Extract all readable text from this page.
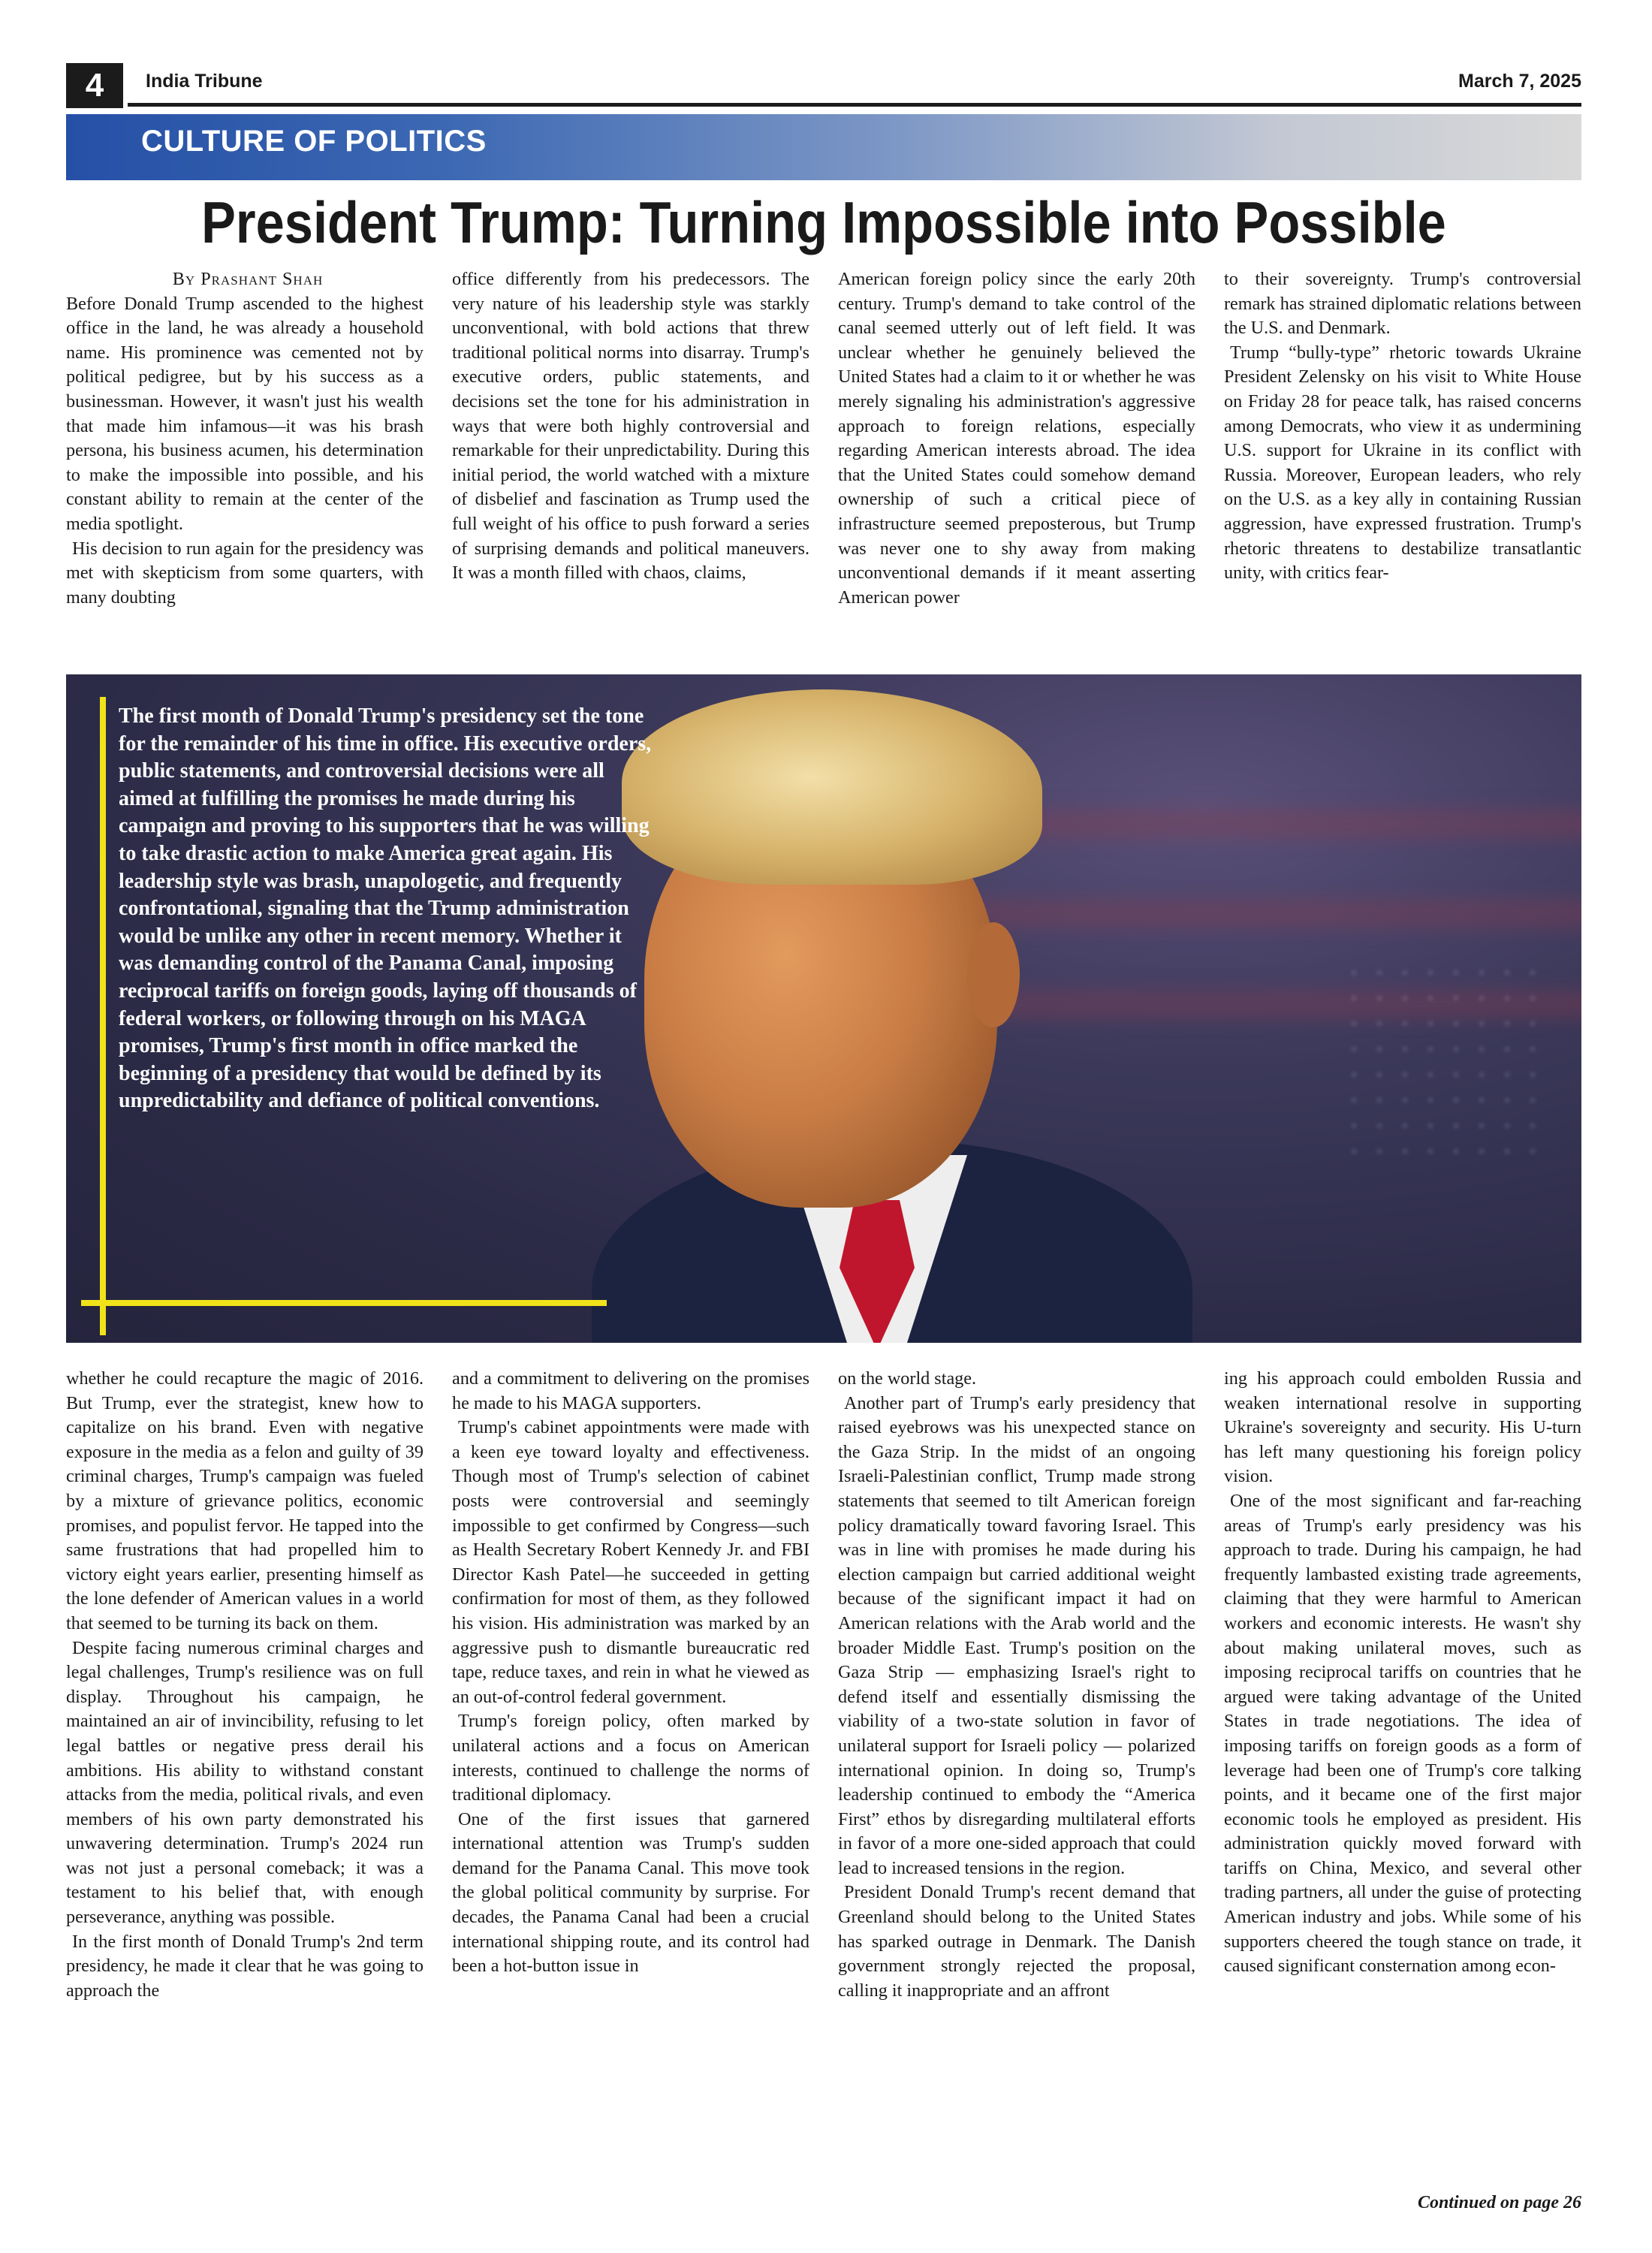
4	India Tribune	March 7, 2025
CULTURE OF POLITICS
President Trump: Turning Impossible into Possible

By Prashant Shah

Before Donald Trump ascended to the highest office in the land, he was already a household name. His prominence was cemented not by political pedigree, but by his success as a businessman. However, it wasn't just his wealth that made him infamous—it was his brash persona, his business acumen, his determination to make the impossible into possible, and his constant ability to remain at the center of the media spotlight.

His decision to run again for the presidency was met with skepticism from some quarters, with many doubting

office differently from his predecessors. The very nature of his leadership style was starkly unconventional, with bold actions that threw traditional political norms into disarray. Trump's executive orders, public statements, and decisions set the tone for his administration in ways that were both highly controversial and remarkable for their unpredictability. During this initial period, the world watched with a mixture of disbelief and fascination as Trump used the full weight of his office to push forward a series of surprising demands and political maneuvers. It was a month filled with chaos, claims,

American foreign policy since the early 20th century. Trump's demand to take control of the canal seemed utterly out of left field. It was unclear whether he genuinely believed the United States had a claim to it or whether he was merely signaling his administration's aggressive approach to foreign relations, especially regarding American interests abroad. The idea that the United States could somehow demand ownership of such a critical piece of infrastructure seemed preposterous, but Trump was never one to shy away from making unconventional demands if it meant asserting American power

to their sovereignty. Trump's controversial remark has strained diplomatic relations between the U.S. and Denmark.

Trump “bully-type” rhetoric towards Ukraine President Zelensky on his visit to White House on Friday 28 for peace talk, has raised concerns among Democrats, who view it as undermining U.S. support for Ukraine in its conflict with Russia. Moreover, European leaders, who rely on the U.S. as a key ally in containing Russian aggression, have expressed frustration. Trump's rhetoric threatens to destabilize transatlantic unity, with critics fear-

The first month of Donald Trump's presidency set the tone for the remainder of his time in office. His executive orders, public statements, and controversial decisions were all aimed at fulfilling the promises he made during his campaign and proving to his supporters that he was willing to take drastic action to make America great again. His leadership style was brash, unapologetic, and frequently confrontational, signaling that the Trump administration would be unlike any other in recent memory. Whether it was demanding control of the Panama Canal, imposing reciprocal tariffs on foreign goods, laying off thousands of federal workers, or following through on his MAGA promises, Trump's first month in office marked the beginning of a presidency that would be defined by its unpredictability and defiance of political conventions.

whether he could recapture the magic of 2016. But Trump, ever the strategist, knew how to capitalize on his brand. Even with negative exposure in the media as a felon and guilty of 39 criminal charges, Trump's campaign was fueled by a mixture of grievance politics, economic promises, and populist fervor. He tapped into the same frustrations that had propelled him to victory eight years earlier, presenting himself as the lone defender of American values in a world that seemed to be turning its back on them.

Despite facing numerous criminal charges and legal challenges, Trump's resilience was on full display. Throughout his campaign, he maintained an air of invincibility, refusing to let legal battles or negative press derail his ambitions. His ability to withstand constant attacks from the media, political rivals, and even members of his own party demonstrated his unwavering determination. Trump's 2024 run was not just a personal comeback; it was a testament to his belief that, with enough perseverance, anything was possible.

In the first month of Donald Trump's 2nd term presidency, he made it clear that he was going to approach the

and a commitment to delivering on the promises he made to his MAGA supporters.

Trump's cabinet appointments were made with a keen eye toward loyalty and effectiveness. Though most of Trump's selection of cabinet posts were controversial and seemingly impossible to get confirmed by Congress—such as Health Secretary Robert Kennedy Jr. and FBI Director Kash Patel—he succeeded in getting confirmation for most of them, as they followed his vision. His administration was marked by an aggressive push to dismantle bureaucratic red tape, reduce taxes, and rein in what he viewed as an out-of-control federal government.

Trump's foreign policy, often marked by unilateral actions and a focus on American interests, continued to challenge the norms of traditional diplomacy.

One of the first issues that garnered international attention was Trump's sudden demand for the Panama Canal. This move took the global political community by surprise. For decades, the Panama Canal had been a crucial international shipping route, and its control had been a hot-button issue in

on the world stage.

Another part of Trump's early presidency that raised eyebrows was his unexpected stance on the Gaza Strip. In the midst of an ongoing Israeli-Palestinian conflict, Trump made strong statements that seemed to tilt American foreign policy dramatically toward favoring Israel. This was in line with promises he made during his election campaign but carried additional weight because of the significant impact it had on American relations with the Arab world and the broader Middle East. Trump's position on the Gaza Strip — emphasizing Israel's right to defend itself and essentially dismissing the viability of a two-state solution in favor of unilateral support for Israeli policy — polarized international opinion. In doing so, Trump's leadership continued to embody the “America First” ethos by disregarding multilateral efforts in favor of a more one-sided approach that could lead to increased tensions in the region.

President Donald Trump's recent demand that Greenland should belong to the United States has sparked outrage in Denmark. The Danish government strongly rejected the proposal, calling it inappropriate and an affront

ing his approach could embolden Russia and weaken international resolve in supporting Ukraine's sovereignty and security. His U-turn has left many questioning his foreign policy vision.

One of the most significant and far-reaching areas of Trump's early presidency was his approach to trade. During his campaign, he had frequently lambasted existing trade agreements, claiming that they were harmful to American workers and economic interests. He wasn't shy about making unilateral moves, such as imposing reciprocal tariffs on countries that he argued were taking advantage of the United States in trade negotiations. The idea of imposing tariffs on foreign goods as a form of leverage had been one of Trump's core talking points, and it became one of the first major economic tools he employed as president. His administration quickly moved forward with tariffs on China, Mexico, and several other trading partners, all under the guise of protecting American industry and jobs. While some of his supporters cheered the tough stance on trade, it caused significant consternation among econ-

Continued on page 26
